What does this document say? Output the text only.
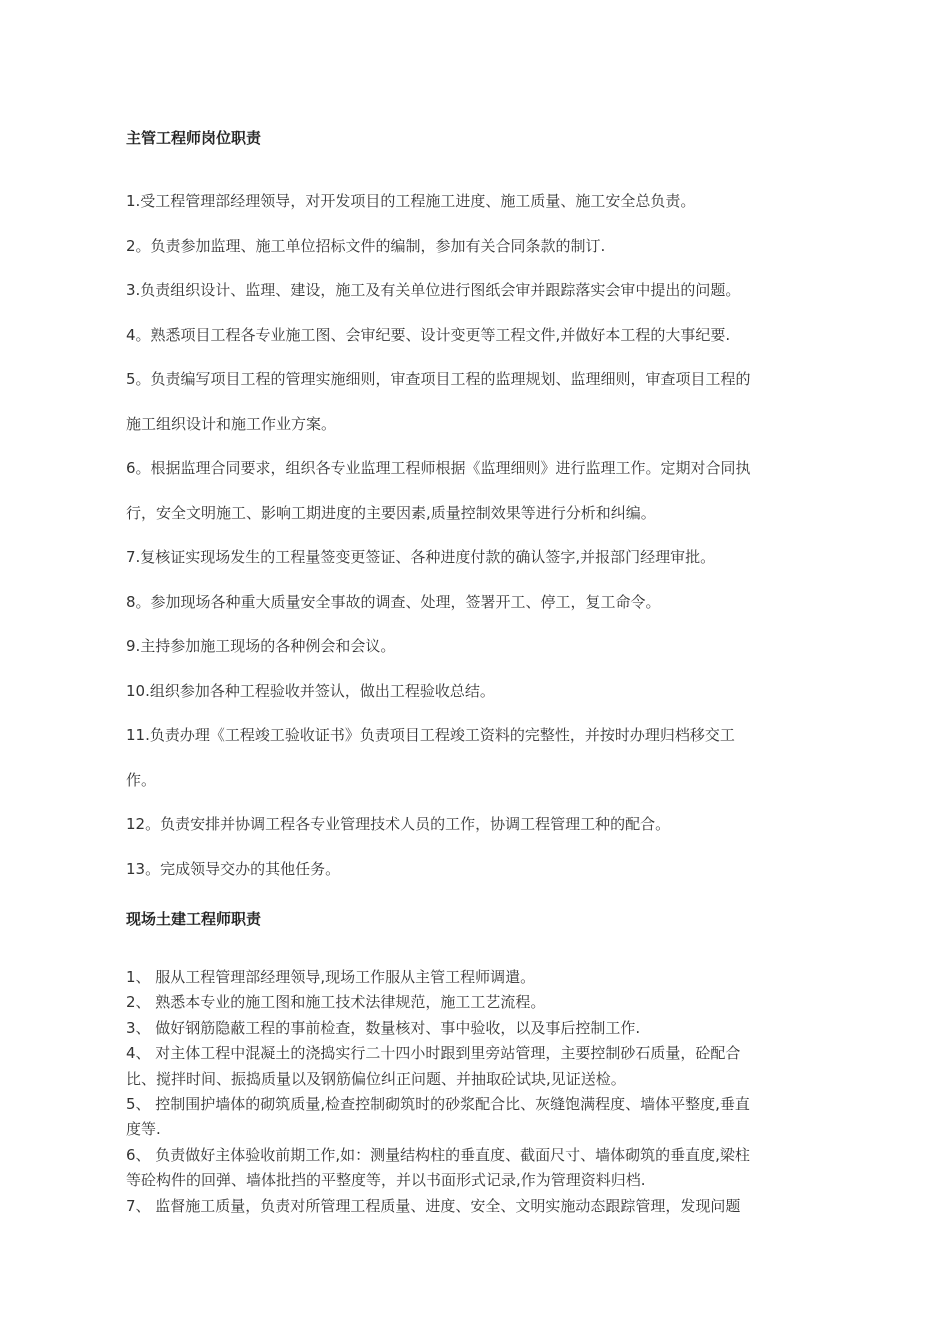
主管工程师岗位职责
1.受工程管理部经理领导，对开发项目的工程施工进度、施工质量、施工安全总负责。
2。负责参加监理、施工单位招标文件的编制，参加有关合同条款的制订.
3.负责组织设计、监理、建设，施工及有关单位进行图纸会审并跟踪落实会审中提出的问题。
4。熟悉项目工程各专业施工图、会审纪要、设计变更等工程文件,并做好本工程的大事纪要.
5。负责编写项目工程的管理实施细则，审查项目工程的监理规划、监理细则，审查项目工程的
施工组织设计和施工作业方案。
6。根据监理合同要求，组织各专业监理工程师根据《监理细则》进行监理工作。定期对合同执
行，安全文明施工、影响工期进度的主要因素,质量控制效果等进行分析和纠编。
7.复核证实现场发生的工程量签变更签证、各种进度付款的确认签字,并报部门经理审批。
8。参加现场各种重大质量安全事故的调查、处理，签署开工、停工，复工命令。
9.主持参加施工现场的各种例会和会议。
10.组织参加各种工程验收并签认，做出工程验收总结。
11.负责办理《工程竣工验收证书》负责项目工程竣工资料的完整性，并按时办理归档移交工
作。
12。负责安排并协调工程各专业管理技术人员的工作，协调工程管理工种的配合。
13。完成领导交办的其他任务。
现场土建工程师职责
1、 服从工程管理部经理领导,现场工作服从主管工程师调遣。
2、 熟悉本专业的施工图和施工技术法律规范，施工工艺流程。
3、 做好钢筋隐蔽工程的事前检查，数量核对、事中验收，以及事后控制工作.
4、 对主体工程中混凝土的浇捣实行二十四小时跟到里旁站管理，主要控制砂石质量，砼配合
比、搅拌时间、振捣质量以及钢筋偏位纠正问题、并抽取砼试块,见证送检。
5、 控制围护墙体的砌筑质量,检查控制砌筑时的砂浆配合比、灰缝饱满程度、墙体平整度,垂直
度等.
6、 负责做好主体验收前期工作,如：测量结构柱的垂直度、截面尺寸、墙体砌筑的垂直度,梁柱
等砼构件的回弹、墙体批挡的平整度等，并以书面形式记录,作为管理资料归档.
7、 监督施工质量，负责对所管理工程质量、进度、安全、文明实施动态跟踪管理，发现问题
